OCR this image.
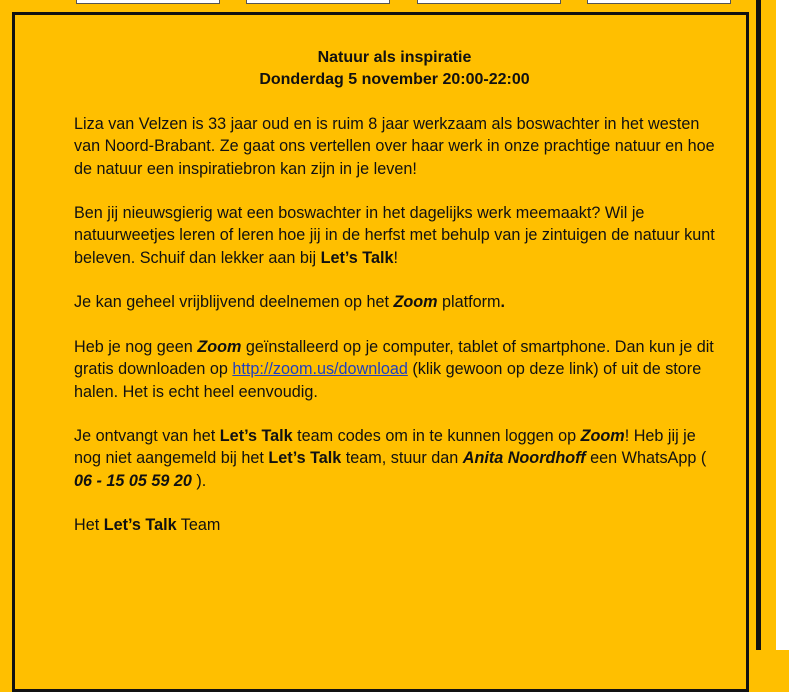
Natuur als inspiratie
Donderdag 5 november 20:00-22:00

Liza van Velzen is 33 jaar oud en is ruim 8 jaar werkzaam als boswachter in het westen van Noord-Brabant. Ze gaat ons vertellen over haar werk in onze prachtige natuur en hoe de natuur een inspiratiebron kan zijn in je leven!

Ben jij nieuwsgierig wat een boswachter in het dagelijks werk meemaakt? Wil je natuurweetjes leren of leren hoe jij in de herfst met behulp van je zintuigen de natuur kunt beleven. Schuif dan lekker aan bij Let’s Talk!

Je kan geheel vrijblijvend deelnemen op het Zoom platform.

Heb je nog geen Zoom geïnstalleerd op je computer, tablet of smartphone. Dan kun je dit gratis downloaden op http://zoom.us/download (klik gewoon op deze link) of uit de store halen. Het is echt heel eenvoudig.

Je ontvangt van het Let’s Talk team codes om in te kunnen loggen op Zoom! Heb jij je nog niet aangemeld bij het Let’s Talk team, stuur dan Anita Noordhoff een WhatsApp ( 06 - 15 05 59 20 ).

Het Let’s Talk Team
